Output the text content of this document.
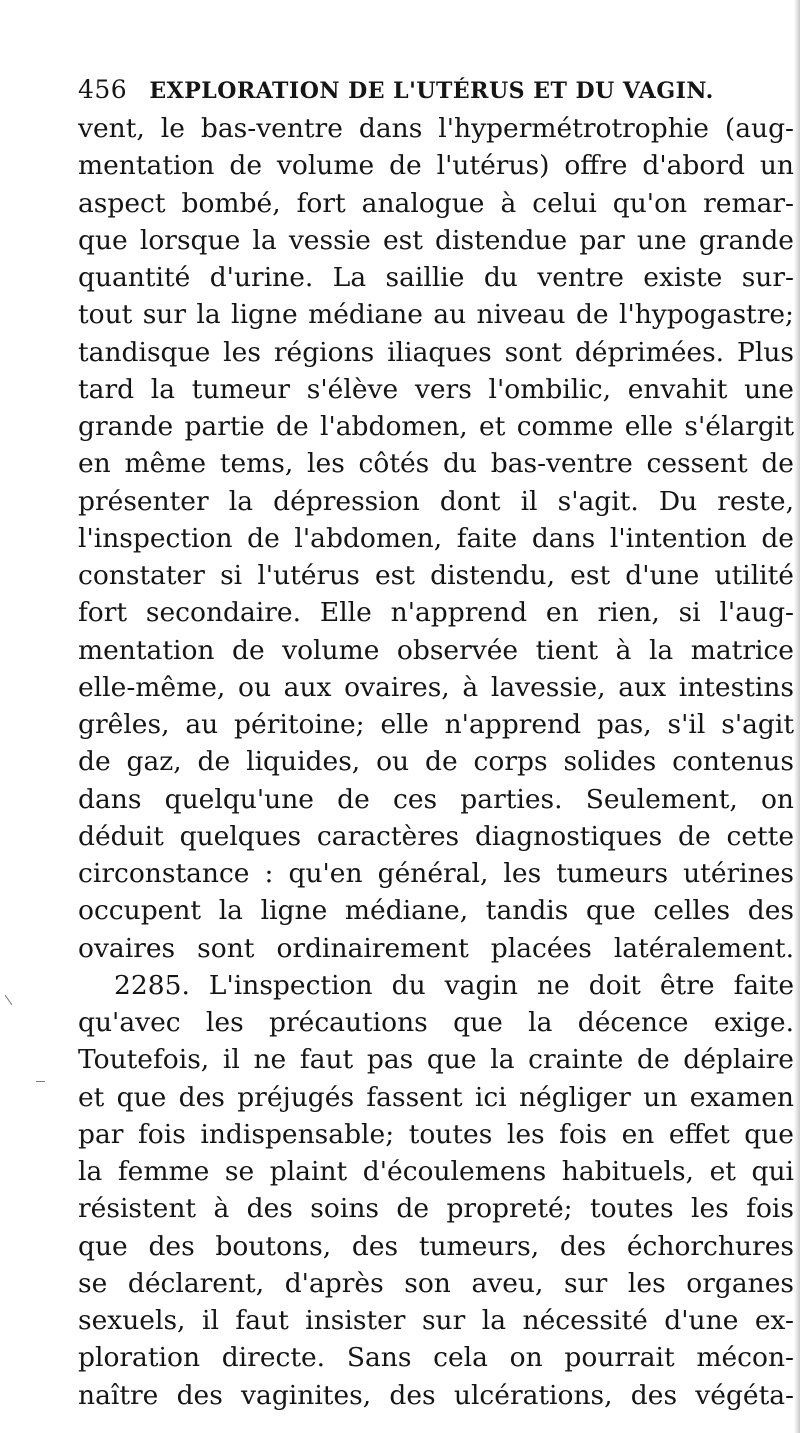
456 EXPLORATION DE L'UTÉRUS ET DU VAGIN.
vent, le bas-ventre dans l'hypermétrotrophie (aug-
mentation de volume de l'utérus) offre d'abord un
aspect bombé, fort analogue à celui qu'on remar-
que lorsque la vessie est distendue par une grande
quantité d'urine. La saillie du ventre existe sur-
tout sur la ligne médiane au niveau de l'hypogastre;
tandisque les régions iliaques sont déprimées. Plus
tard la tumeur s'élève vers l'ombilic, envahit une
grande partie de l'abdomen, et comme elle s'élargit
en même tems, les côtés du bas-ventre cessent de
présenter la dépression dont il s'agit. Du reste,
l'inspection de l'abdomen, faite dans l'intention de
constater si l'utérus est distendu, est d'une utilité
fort secondaire. Elle n'apprend en rien, si l'aug-
mentation de volume observée tient à la matrice
elle-même, ou aux ovaires, à lavessie, aux intestins
grêles, au péritoine; elle n'apprend pas, s'il s'agit
de gaz, de liquides, ou de corps solides contenus
dans quelqu'une de ces parties. Seulement, on
déduit quelques caractères diagnostiques de cette
circonstance : qu'en général, les tumeurs utérines
occupent la ligne médiane, tandis que celles des
ovaires sont ordinairement placées latéralement.
2285. L'inspection du vagin ne doit être faite
qu'avec les précautions que la décence exige.
Toutefois, il ne faut pas que la crainte de déplaire
et que des préjugés fassent ici négliger un examen
par fois indispensable; toutes les fois en effet que
la femme se plaint d'écoulemens habituels, et qui
résistent à des soins de propreté; toutes les fois
que des boutons, des tumeurs, des échorchures
se déclarent, d'après son aveu, sur les organes
sexuels, il faut insister sur la nécessité d'une ex-
ploration directe. Sans cela on pourrait mécon-
naître des vaginites, des ulcérations, des végéta-
